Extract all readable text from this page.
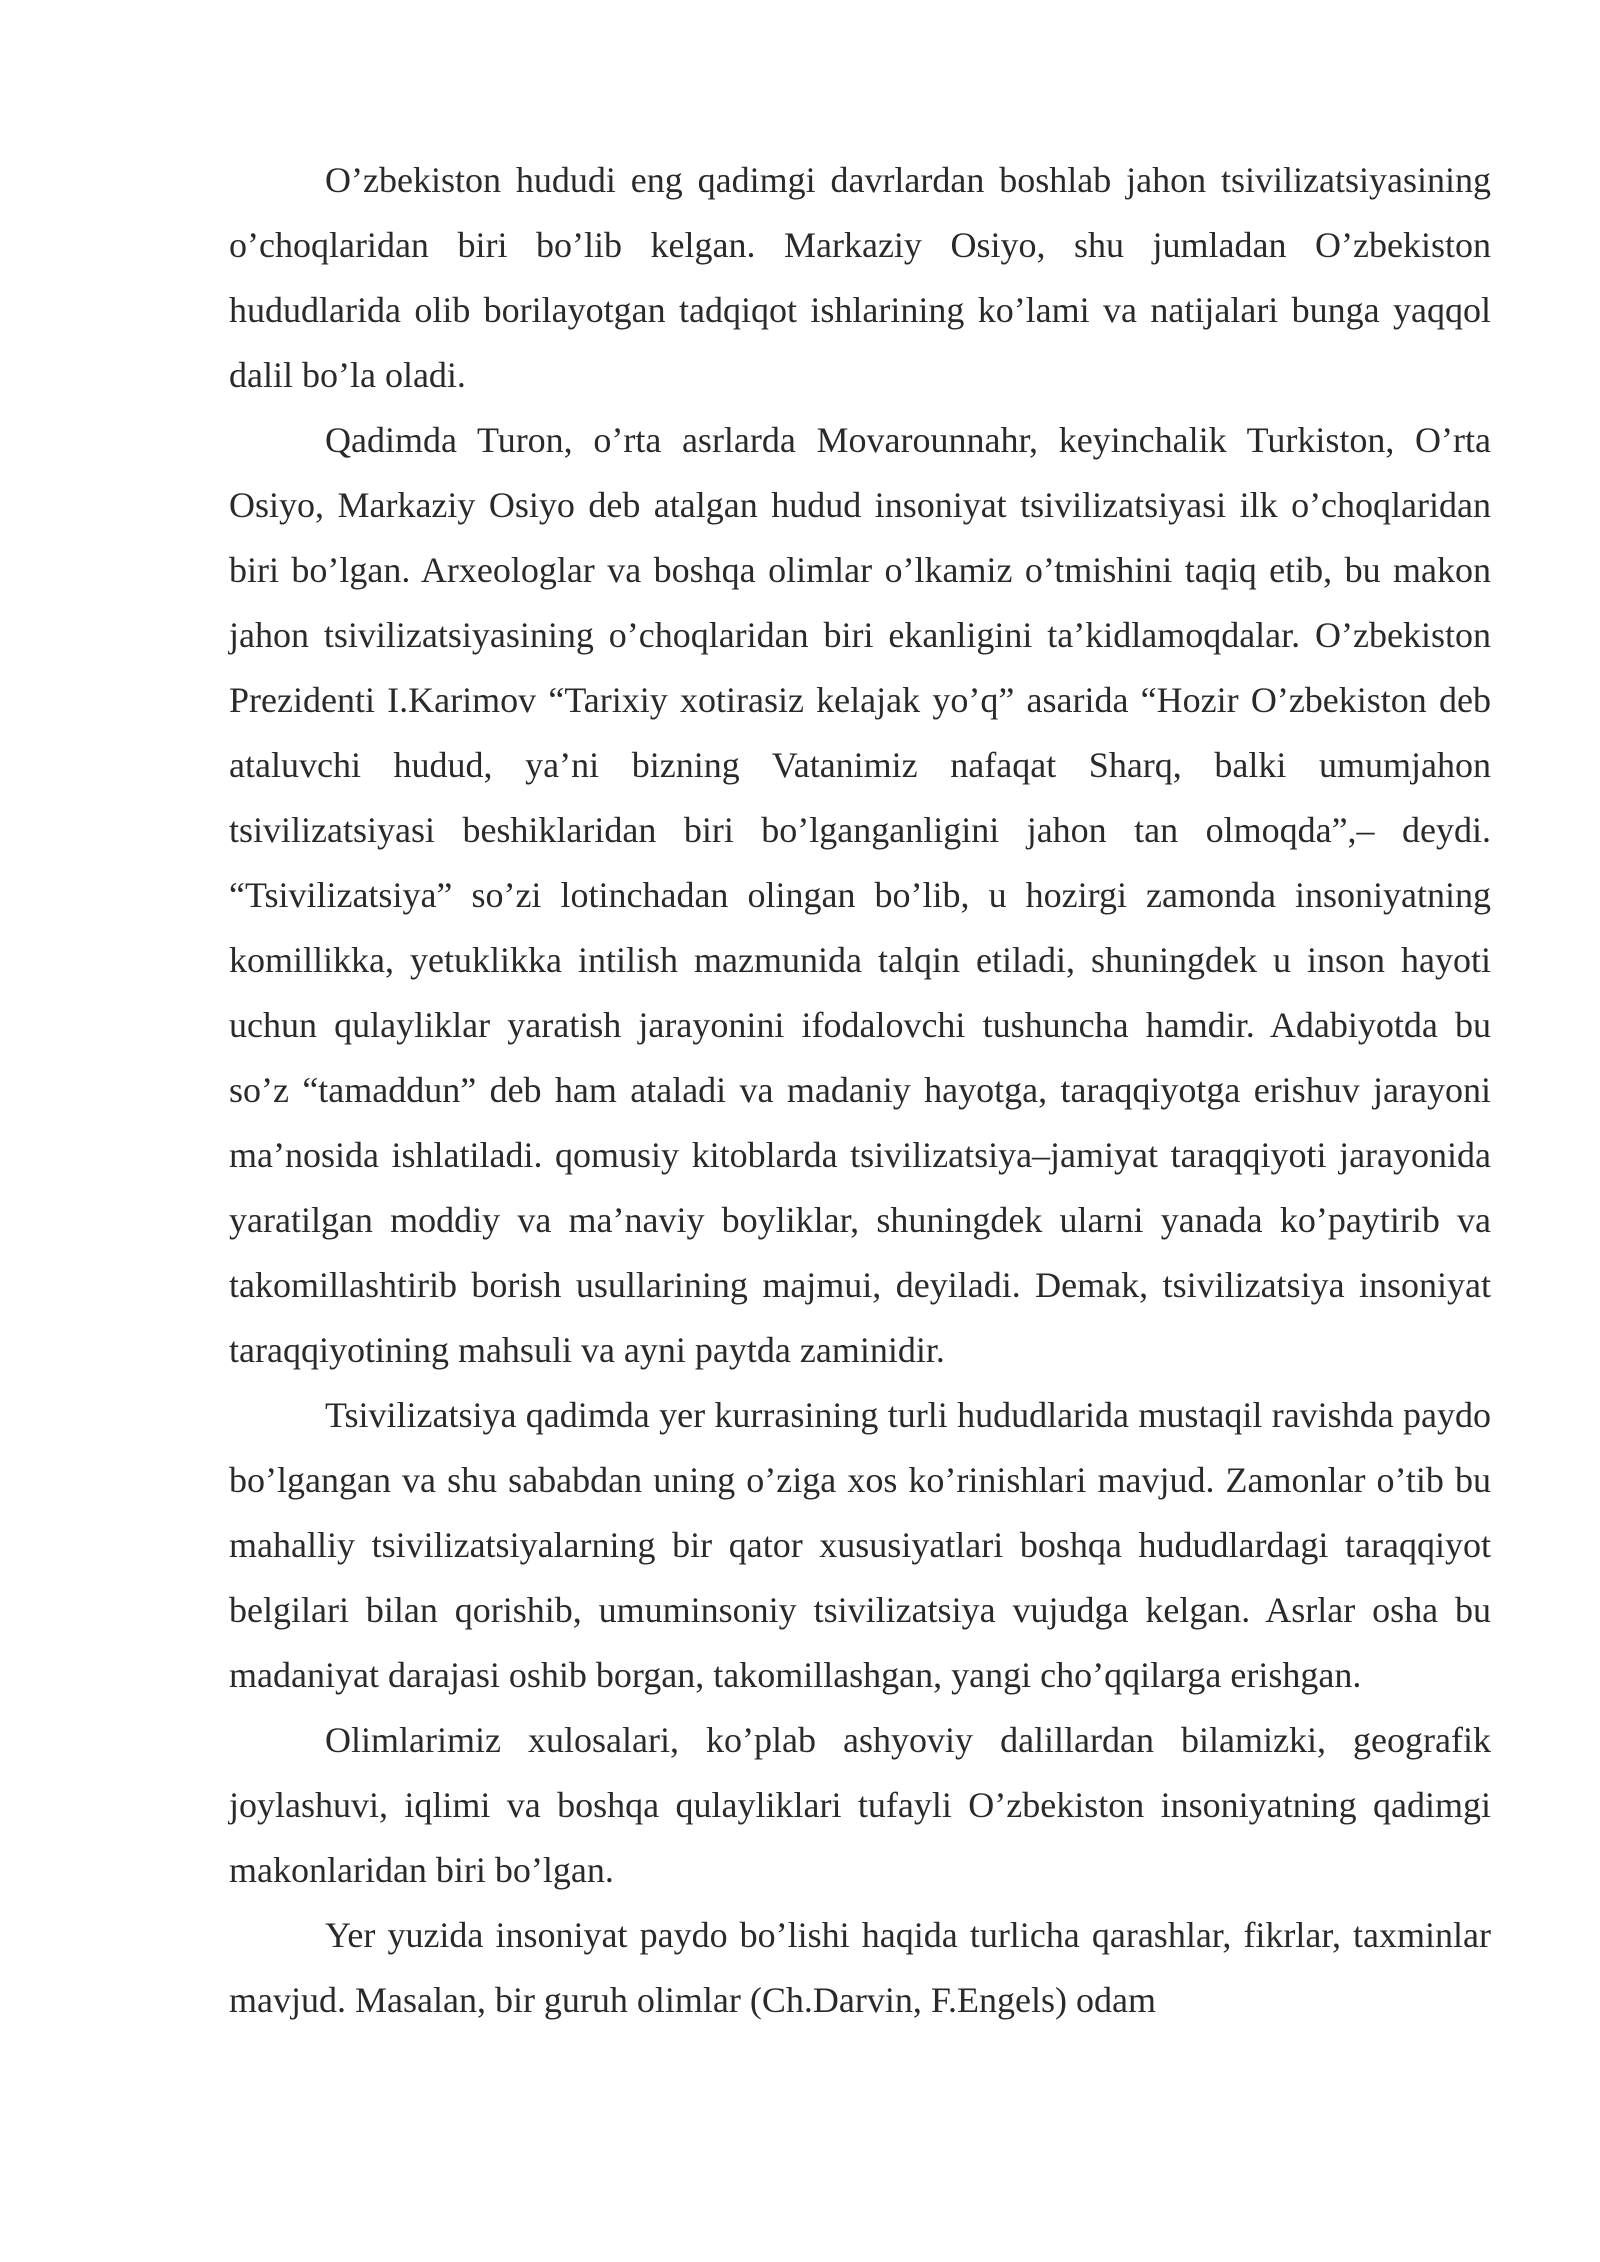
O’zbekiston hududi eng qadimgi davrlardan boshlab jahon tsivilizatsiyasining o’choqlaridan biri bo’lib kelgan. Markaziy Osiyo, shu jumladan O’zbekiston hududlarida olib borilayotgan tadqiqot ishlarining ko’lami va natijalari bunga yaqqol dalil bo’la oladi.

Qadimda Turon, o’rta asrlarda Movarounnahr, keyinchalik Turkiston, O’rta Osiyo, Markaziy Osiyo deb atalgan hudud insoniyat tsivilizatsiyasi ilk o’choqlaridan biri bo’lgan. Arxeologlar va boshqa olimlar o’lkamiz o’tmishini taqiq etib, bu makon jahon tsivilizatsiyasining o’choqlaridan biri ekanligini ta’kidlamoqdalar. O’zbekiston Prezidenti I.Karimov “Tarixiy xotirasiz kelajak yo’q” asarida “Hozir O’zbekiston deb ataluvchi hudud, ya’ni bizning Vatanimiz nafaqat Sharq, balki umumjahon tsivilizatsiyasi beshiklaridan biri bo’lganganligini jahon tan olmoqda”,– deydi. “Tsivilizatsiya” so’zi lotinchadan olingan bo’lib, u hozirgi zamonda insoniyatning komillikka, yetuklikka intilish mazmunida talqin etiladi, shuningdek u inson hayoti uchun qulayliklar yaratish jarayonini ifodalovchi tushuncha hamdir. Adabiyotda bu so’z “tamaddun” deb ham ataladi va madaniy hayotga, taraqqiyotga erishuv jarayoni ma’nosida ishlatiladi. qomusiy kitoblarda tsivilizatsiya–jamiyat taraqqiyoti jarayonida yaratilgan moddiy va ma’naviy boyliklar, shuningdek ularni yanada ko’paytirib va takomillashtirib borish usullarining majmui, deyiladi. Demak, tsivilizatsiya insoniyat taraqqiyotining mahsuli va ayni paytda zaminidir.

Tsivilizatsiya qadimda yer kurrasining turli hududlarida mustaqil ravishda paydo bo’lgangan va shu sababdan uning o’ziga xos ko’rinishlari mavjud. Zamonlar o’tib bu mahalliy tsivilizatsiyalarning bir qator xususiyatlari boshqa hududlardagi taraqqiyot belgilari bilan qorishib, umuminsoniy tsivilizatsiya vujudga kelgan. Asrlar osha bu madaniyat darajasi oshib borgan, takomillashgan, yangi cho’qqilarga erishgan.

Olimlarimiz xulosalari, ko’plab ashyoviy dalillardan bilamizki, geografik joylashuvi, iqlimi va boshqa qulayliklari tufayli O’zbekiston insoniyatning qadimgi makonlaridan biri bo’lgan.

Yer yuzida insoniyat paydo bo’lishi haqida turlicha qarashlar, fikrlar, taxminlar mavjud. Masalan, bir guruh olimlar (Ch.Darvin, F.Engels) odam
